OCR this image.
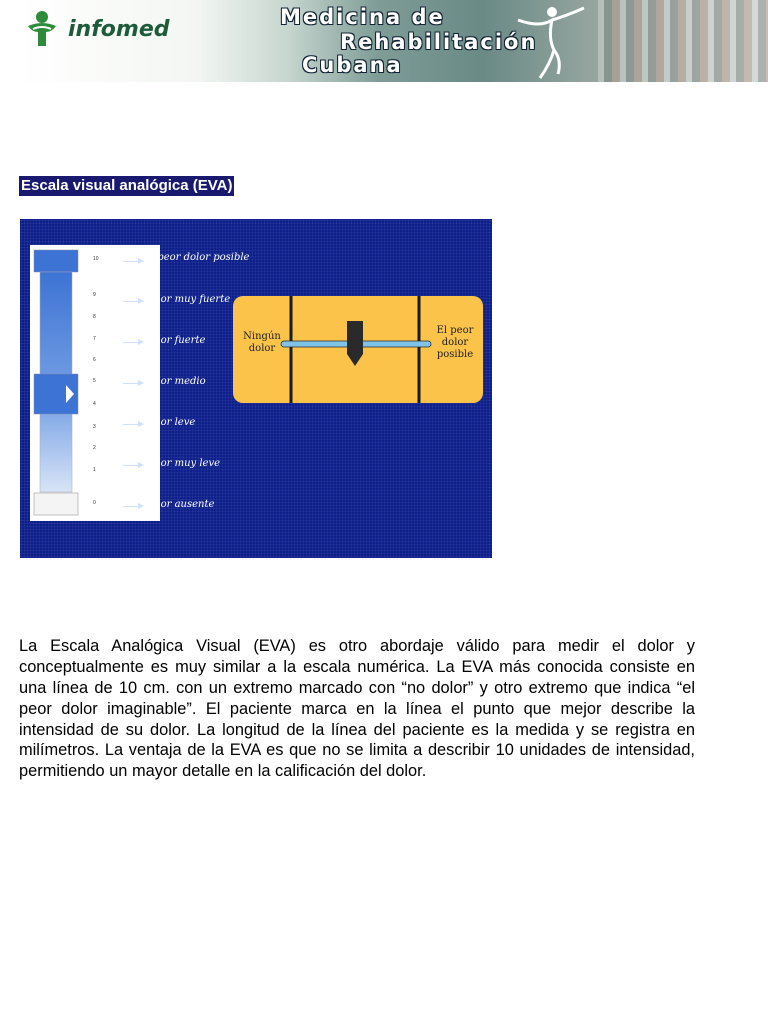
infomed	Medicina de
Rehabilitación
Cubana
Escala visual analógica (EVA)
10
9
8
7
6
5
4
3
2
1
0
el peor dolor posible
dolor muy fuerte
dolor fuerte
dolor medio
dolor leve
dolor muy leve
dolor ausente
Ningún dolor
El peor dolor posible

La Escala Analógica Visual (EVA) es otro abordaje válido para medir el dolor y conceptualmente es muy similar a la escala numérica. La EVA más conocida consiste en una línea de 10 cm. con un extremo marcado con “no dolor” y otro extremo que indica “el peor dolor imaginable”. El paciente marca en la línea el punto que mejor describe la intensidad de su dolor. La longitud de la línea del paciente es la medida y se registra en milímetros. La ventaja de la EVA es que no se limita a describir 10 unidades de intensidad, permitiendo un mayor detalle en la calificación del dolor.
